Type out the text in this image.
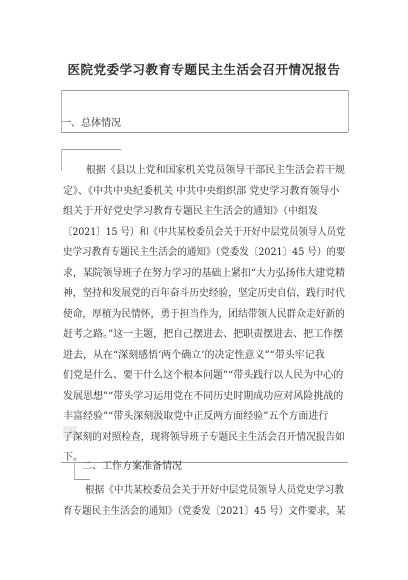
医院党委学习教育专题民主生活会召开情况报告
一、总体情况
根据《县以上党和国家机关党员领导干部民主生活会若干规
定》、《中共中央纪委机关 中共中央组织部 党史学习教育领导小
组关于开好党史学习教育专题民主生活会的通知》（中组发
〔2021〕15 号）和《中共某校委员会关于开好中层党员领导人员党
史学习教育专题民主生活会的通知》（党委发〔2021〕45 号）的要
求，某院领导班子在努力学习的基础上紧扣“大力弘扬伟大建党精
神，坚持和发展党的百年奋斗历史经验，坚定历史自信，践行时代
使命，厚植为民情怀，勇于担当作为，团结带领人民群众走好新的
赶考之路。”这一主题，把自己摆进去、把职责摆进去、把工作摆
进去，从在“深刻感悟‘两个确立’的决定性意义”“带头牢记我
们党是什么、要干什么这个根本问题”“带头践行以人民为中心的
发展思想”“带头学习运用党在不同历史时期成功应对风险挑战的
丰富经验”“带头深刻汲取党中正反两方面经验”五个方面进行
了深刻的对照检查，现将领导班子专题民主生活会召开情况报告如
下。
二、工作方案准备情况
根据《中共某校委员会关于开好中层党员领导人员党史学习教
育专题民主生活会的通知》（党委发〔2021〕45 号）文件要求，某
